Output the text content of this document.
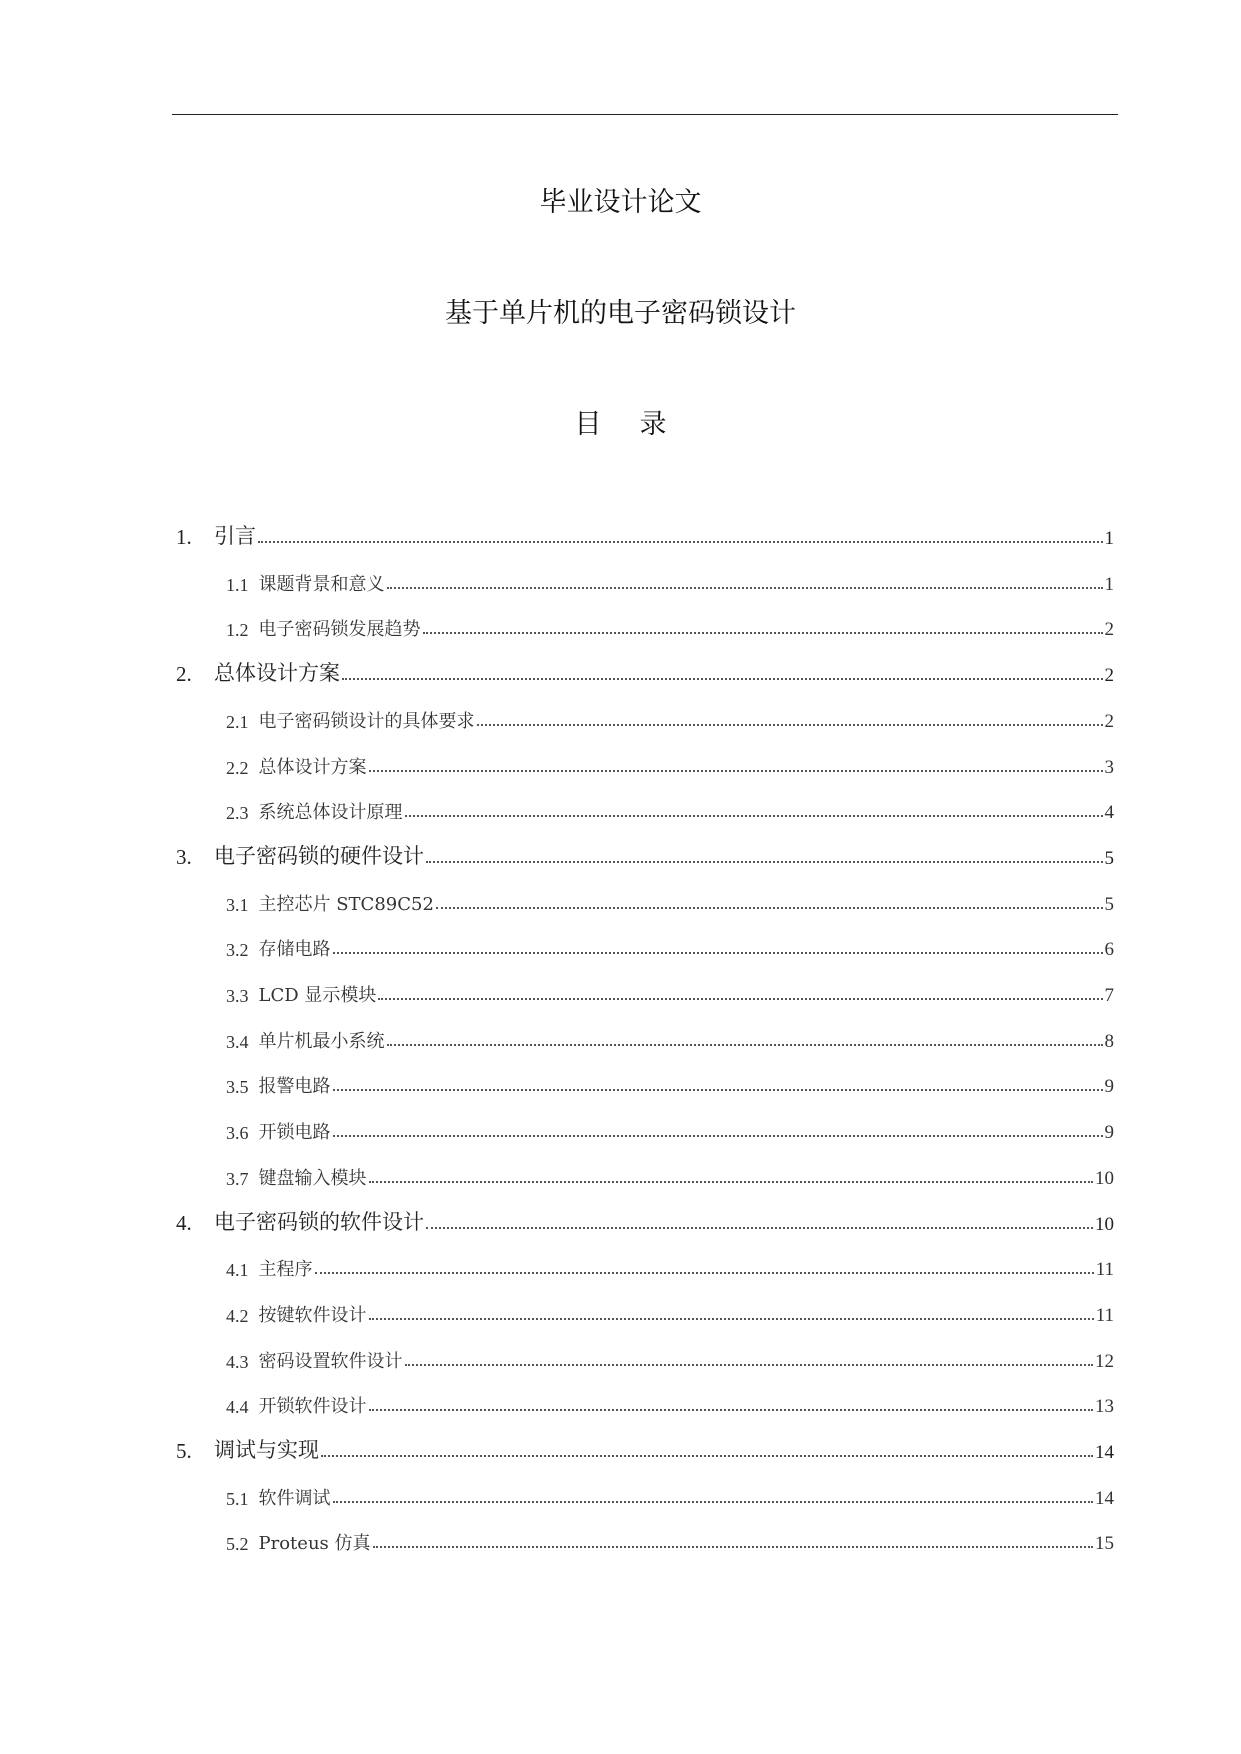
毕业设计论文
基于单片机的电子密码锁设计
目录
1.	引言	1
1.1 课题背景和意义	1
1.2 电子密码锁发展趋势	2
2.	总体设计方案	2
2.1 电子密码锁设计的具体要求	2
2.2 总体设计方案	3
2.3 系统总体设计原理	4
3.	电子密码锁的硬件设计	5
3.1 主控芯片 STC89C52	5
3.2 存储电路	6
3.3 LCD 显示模块	7
3.4 单片机最小系统	8
3.5 报警电路	9
3.6 开锁电路	9
3.7 键盘输入模块	10
4.	电子密码锁的软件设计	10
4.1 主程序	11
4.2 按键软件设计	11
4.3 密码设置软件设计	12
4.4 开锁软件设计	13
5.	调试与实现	14
5.1 软件调试	14
5.2 Proteus 仿真	15
